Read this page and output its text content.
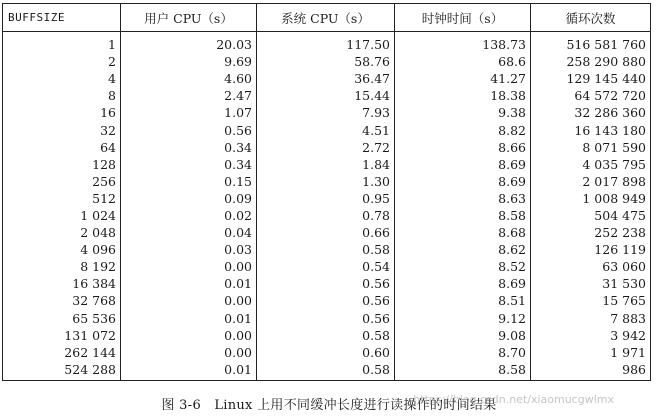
BUFFSIZE	用户 CPU（s）	系统 CPU（s）	时钟时间（s）	循环次数
1	20.03	117.50	138.73	516 581 760
2	9.69	58.76	68.6	258 290 880
4	4.60	36.47	41.27	129 145 440
8	2.47	15.44	18.38	64 572 720
16	1.07	7.93	9.38	32 286 360
32	0.56	4.51	8.82	16 143 180
64	0.34	2.72	8.66	8 071 590
128	0.34	1.84	8.69	4 035 795
256	0.15	1.30	8.69	2 017 898
512	0.09	0.95	8.63	1 008 949
1 024	0.02	0.78	8.58	504 475
2 048	0.04	0.66	8.68	252 238
4 096	0.03	0.58	8.62	126 119
8 192	0.00	0.54	8.52	63 060
16 384	0.01	0.56	8.69	31 530
32 768	0.00	0.56	8.51	15 765
65 536	0.01	0.56	9.12	7 883
131 072	0.00	0.58	9.08	3 942
262 144	0.00	0.60	8.70	1 971
524 288	0.01	0.58	8.58	986
图 3-6　Linux 上用不同缓冲长度进行读操作的时间结果
https://blog.csdn.net/xiaomucgwlmx
